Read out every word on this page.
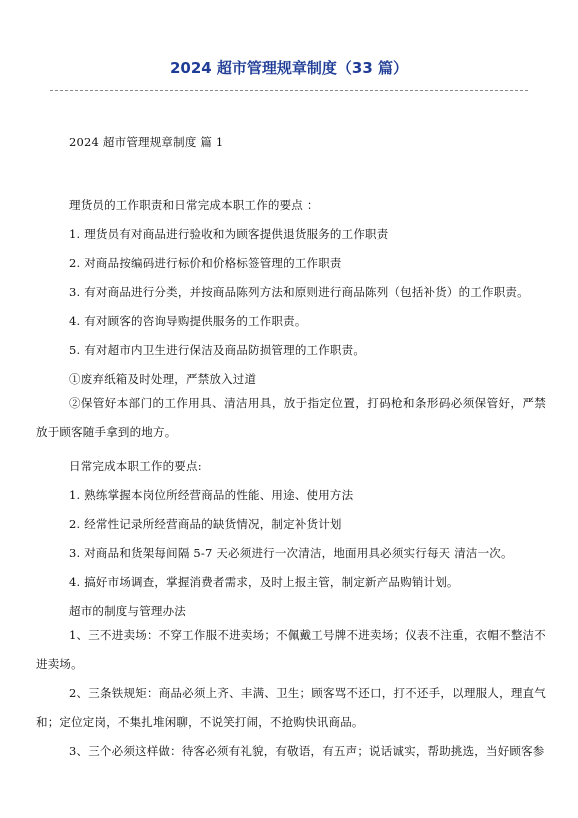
2024 超市管理规章制度（33 篇）

2024 超市管理规章制度 篇 1

理货员的工作职责和日常完成本职工作的要点 ：

1. 理货员有对商品进行验收和为顾客提供退货服务的工作职责

2. 对商品按编码进行标价和价格标签管理的工作职责

3. 有对商品进行分类，并按商品陈列方法和原则进行商品陈列（包括补货）的工作职责。

4. 有对顾客的咨询导购提供服务的工作职责。

5. 有对超市内卫生进行保洁及商品防损管理的工作职责。

①废弃纸箱及时处理，严禁放入过道

②保管好本部门的工作用具、清洁用具，放于指定位置，打码枪和条形码必须保管好，严禁放于顾客随手拿到的地方。

日常完成本职工作的要点:

1. 熟练掌握本岗位所经营商品的性能、用途、使用方法

2. 经常性记录所经营商品的缺货情况，制定补货计划

3. 对商品和货架每间隔 5-7 天必须进行一次清洁，地面用具必须实行每天 清洁一次。

4. 搞好市场调查，掌握消费者需求，及时上报主管，制定新产品购销计划。

超市的制度与管理办法

1、三不进卖场：不穿工作服不进卖场；不佩戴工号牌不进卖场；仪表不注重，衣帽不整洁不进卖场。

2、三条铁规矩：商品必须上齐、丰满、卫生；顾客骂不还口，打不还手，以理服人，理直气和；定位定岗，不集扎堆闲聊，不说笑打闹，不抢购快讯商品。

3、三个必须这样做：待客必须有礼貌，有敬语，有五声；说话诚实，帮助挑选，当好顾客参
